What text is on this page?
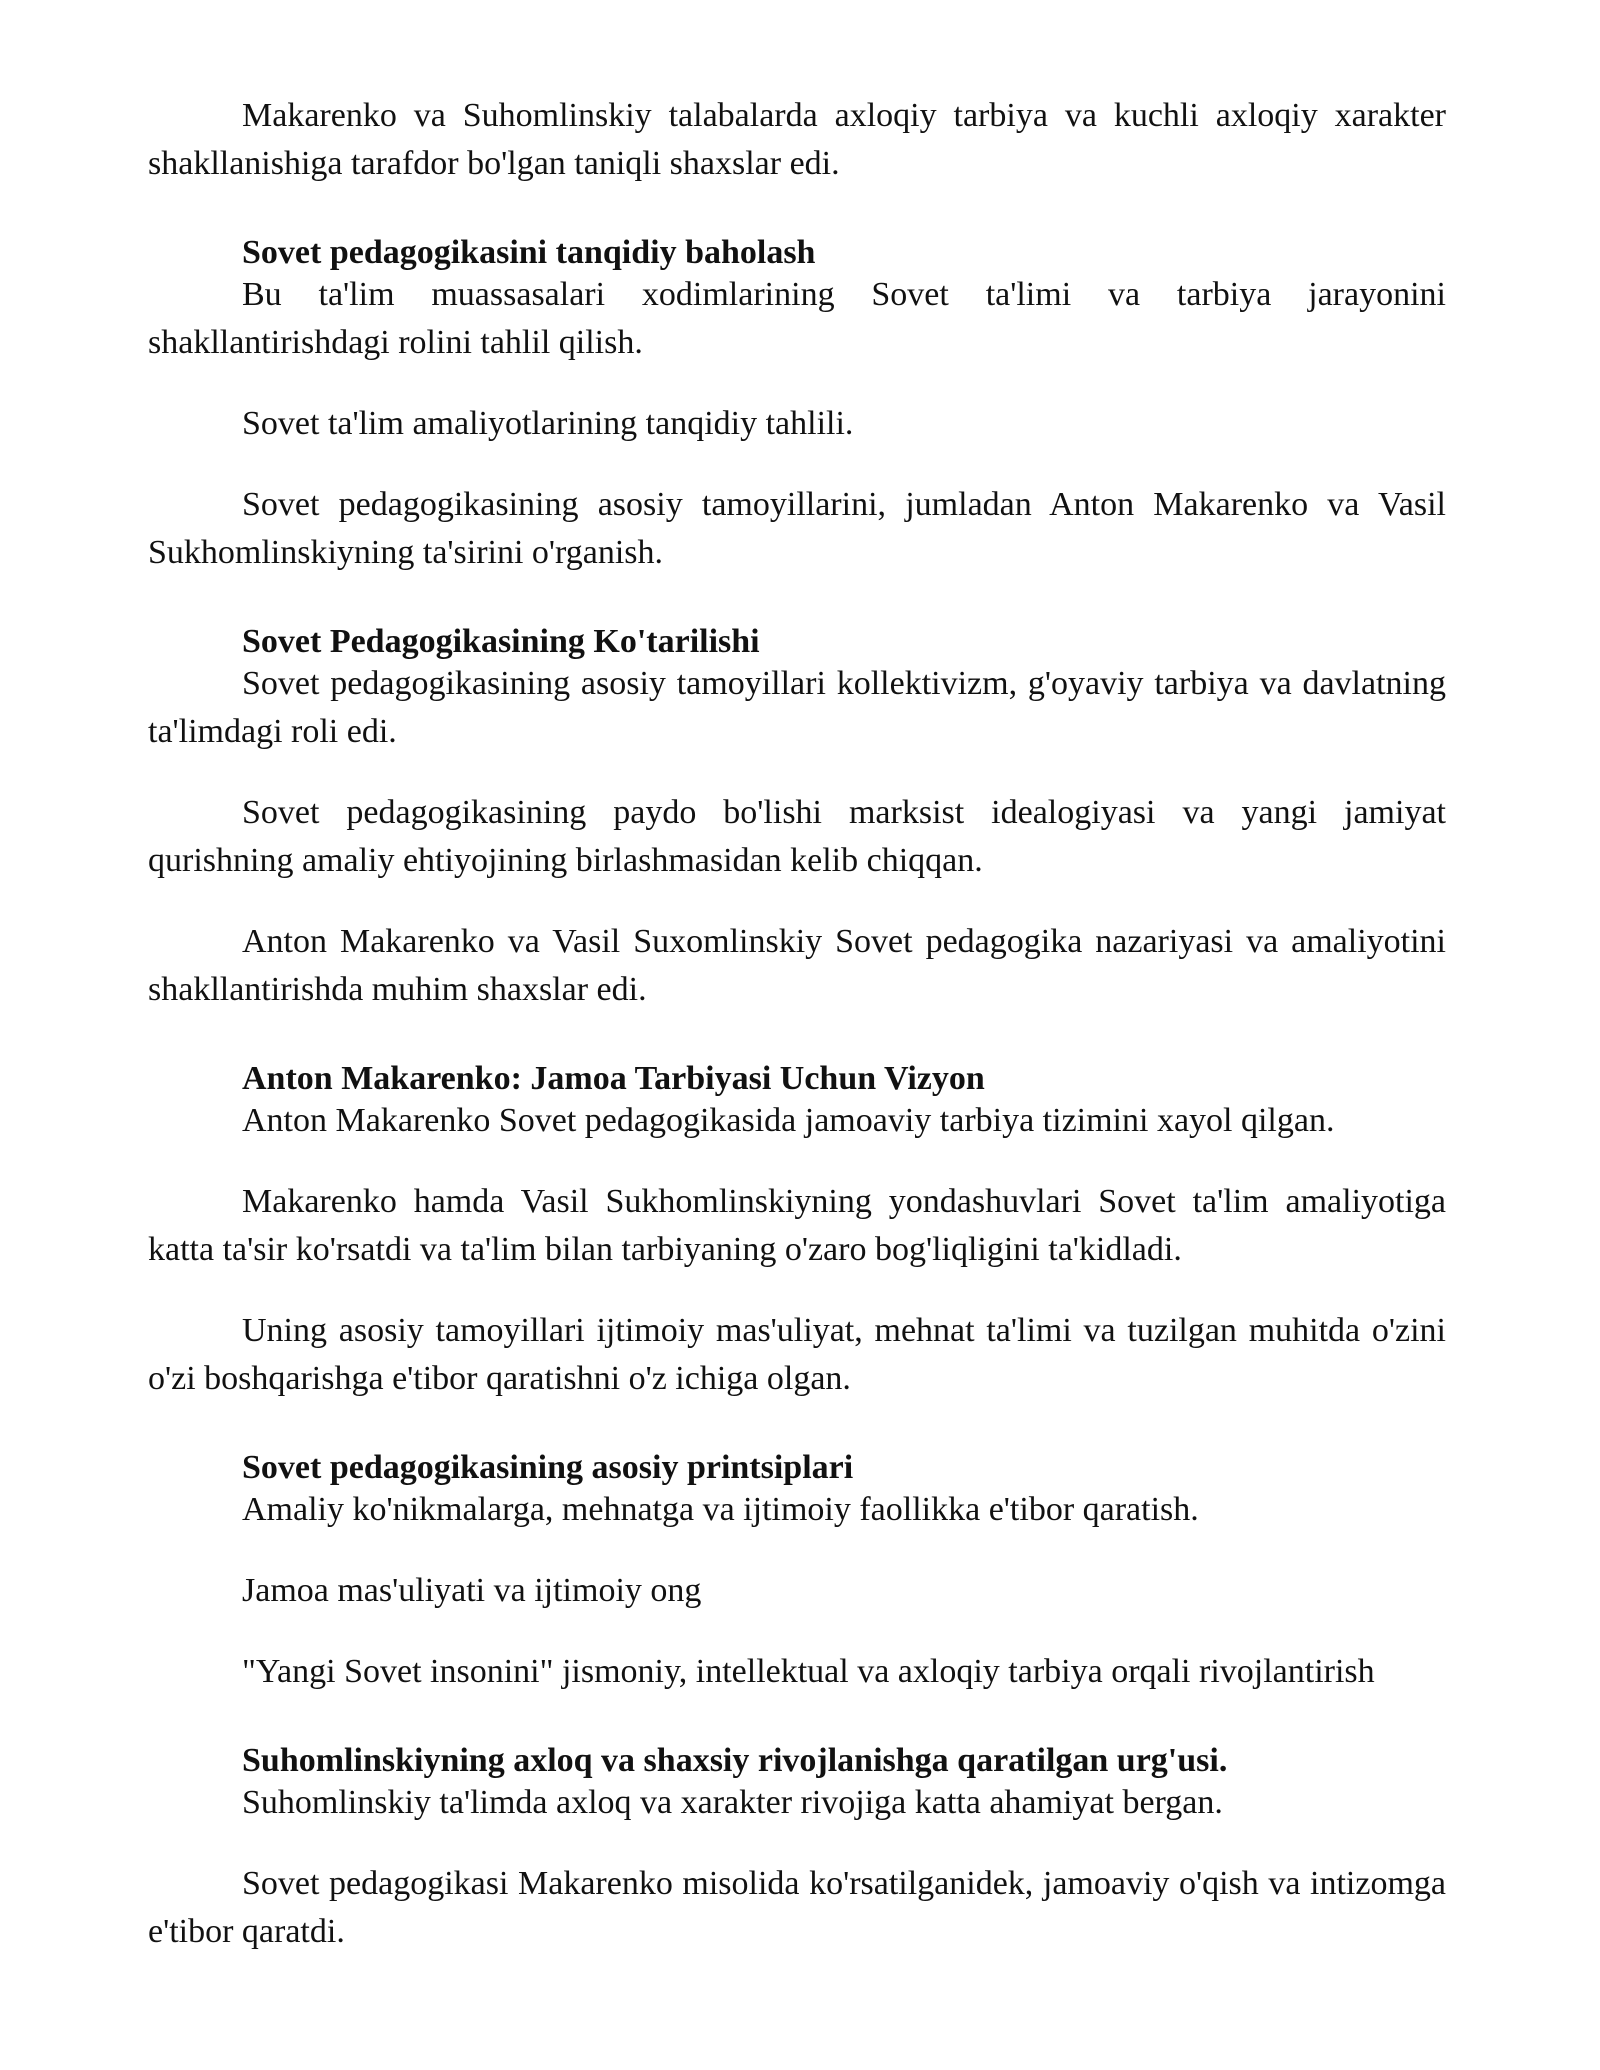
Makarenko va Suhomlinskiy talabalarda axloqiy tarbiya va kuchli axloqiy xarakter shakllanishiga tarafdor bo'lgan taniqli shaxslar edi.

Sovet pedagogikasini tanqidiy baholash

Bu ta'lim muassasalari xodimlarining Sovet ta'limi va tarbiya jarayonini shakllantirishdagi rolini tahlil qilish.

Sovet ta'lim amaliyotlarining tanqidiy tahlili.

Sovet pedagogikasining asosiy tamoyillarini, jumladan Anton Makarenko va Vasil Sukhomlinskiyning ta'sirini o'rganish.

Sovet Pedagogikasining Ko'tarilishi

Sovet pedagogikasining asosiy tamoyillari kollektivizm, g'oyaviy tarbiya va davlatning ta'limdagi roli edi.

Sovet pedagogikasining paydo bo'lishi marksist idealogiyasi va yangi jamiyat qurishning amaliy ehtiyojining birlashmasidan kelib chiqqan.

Anton Makarenko va Vasil Suxomlinskiy Sovet pedagogika nazariyasi va amaliyotini shakllantirishda muhim shaxslar edi.

Anton Makarenko: Jamoa Tarbiyasi Uchun Vizyon

Anton Makarenko Sovet pedagogikasida jamoaviy tarbiya tizimini xayol qilgan.

Makarenko hamda Vasil Sukhomlinskiyning yondashuvlari Sovet ta'lim amaliyotiga katta ta'sir ko'rsatdi va ta'lim bilan tarbiyaning o'zaro bog'liqligini ta'kidladi.

Uning asosiy tamoyillari ijtimoiy mas'uliyat, mehnat ta'limi va tuzilgan muhitda o'zini o'zi boshqarishga e'tibor qaratishni o'z ichiga olgan.

Sovet pedagogikasining asosiy printsiplari

Amaliy ko'nikmalarga, mehnatga va ijtimoiy faollikka e'tibor qaratish.

Jamoa mas'uliyati va ijtimoiy ong

"Yangi Sovet insonini" jismoniy, intellektual va axloqiy tarbiya orqali rivojlantirish

Suhomlinskiyning axloq va shaxsiy rivojlanishga qaratilgan urg'usi.

Suhomlinskiy ta'limda axloq va xarakter rivojiga katta ahamiyat bergan.

Sovet pedagogikasi Makarenko misolida ko'rsatilganidek, jamoaviy o'qish va intizomga e'tibor qaratdi.
